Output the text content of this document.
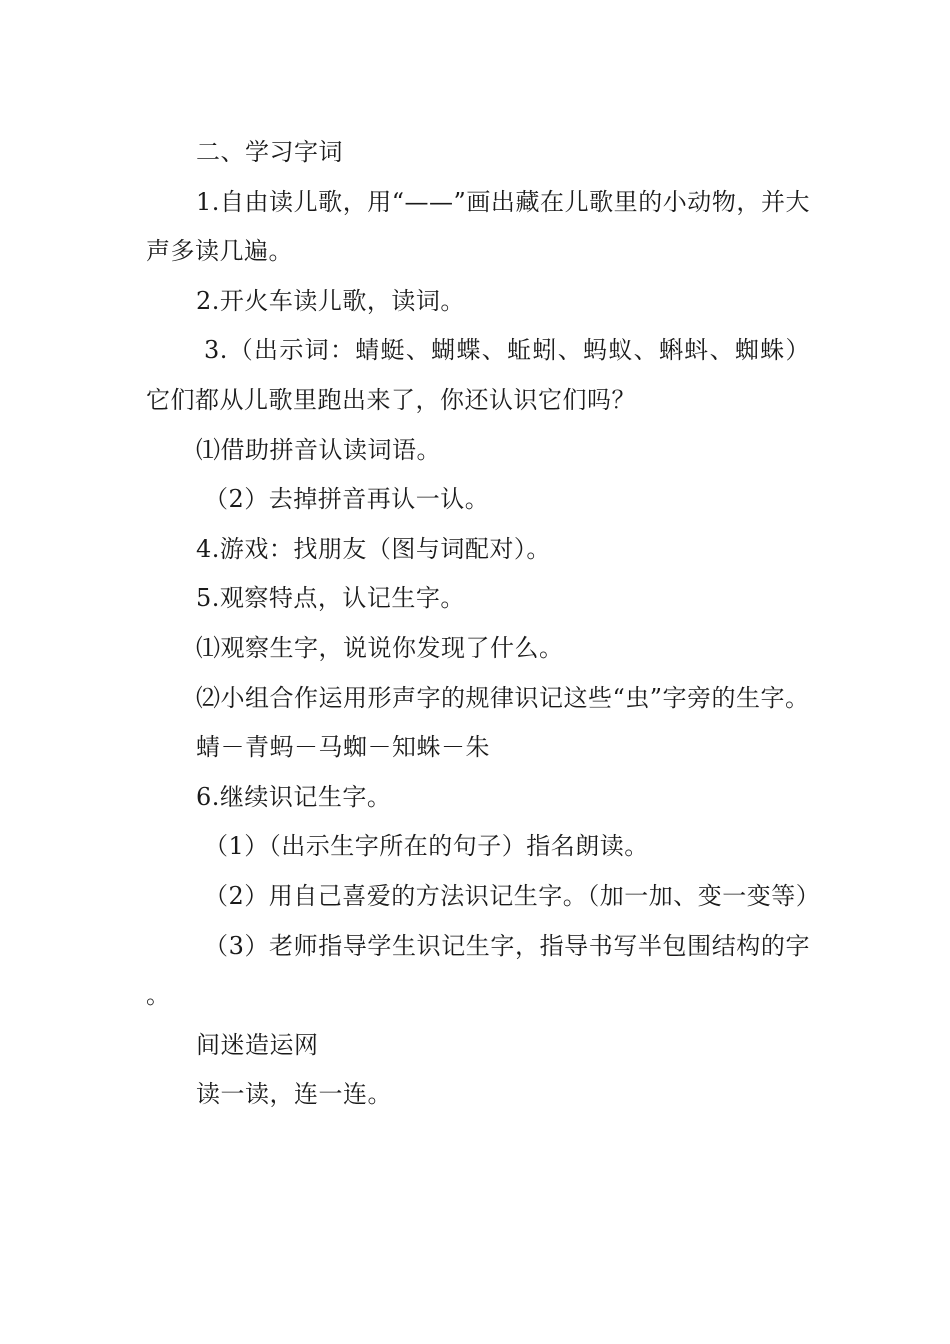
二、学习字词

1.自由读儿歌，用“——”画出藏在儿歌里的小动物，并大声多读几遍。

2.开火车读儿歌，读词。

3.（出示词：蜻蜓、蝴蝶、蚯蚓、蚂蚁、蝌蚪、蜘蛛）它们都从儿歌里跑出来了，你还认识它们吗？

⑴借助拼音认读词语。

（2）去掉拼音再认一认。

4.游戏：找朋友（图与词配对）。

5.观察特点，认记生字。

⑴观察生字，说说你发现了什么。

⑵小组合作运用形声字的规律识记这些“虫”字旁的生字。

蜻－青蚂－马蜘－知蛛－朱

6.继续识记生字。

（1）（出示生字所在的句子）指名朗读。

（2）用自己喜爱的方法识记生字。（加一加、变一变等）

（3）老师指导学生识记生字，指导书写半包围结构的字。

间迷造运网

读一读，连一连。
